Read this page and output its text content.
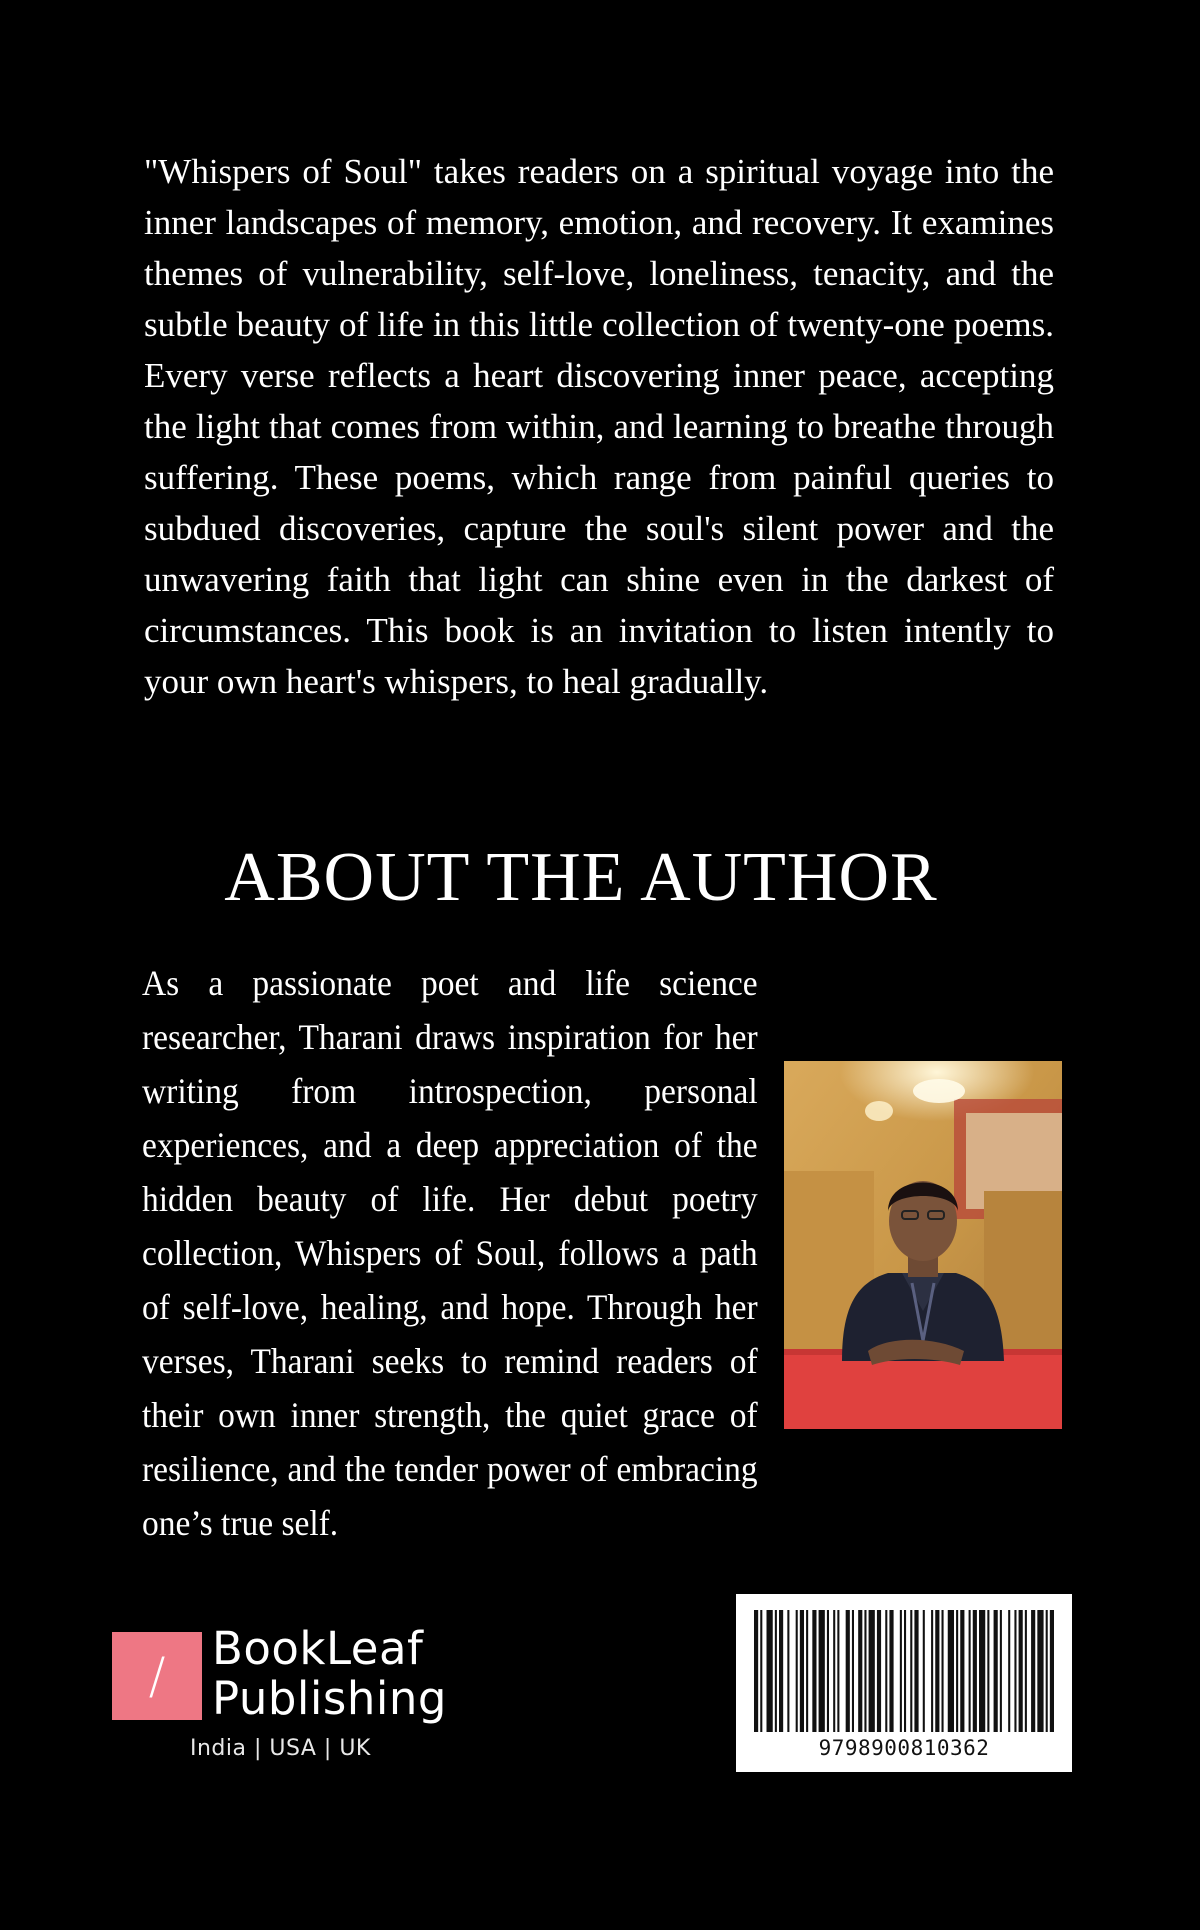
"Whispers of Soul" takes readers on a spiritual voyage into the inner landscapes of memory, emotion, and recovery. It examines themes of vulnerability, self-love, loneliness, tenacity, and the subtle beauty of life in this little collection of twenty-one poems. Every verse reflects a heart discovering inner peace, accepting the light that comes from within, and learning to breathe through suffering. These poems, which range from painful queries to subdued discoveries, capture the soul's silent power and the unwavering faith that light can shine even in the darkest of circumstances. This book is an invitation to listen intently to your own heart's whispers, to heal gradually.

ABOUT THE AUTHOR

As a passionate poet and life science researcher, Tharani draws inspiration for her writing from introspection, personal experiences, and a deep appreciation of the hidden beauty of life. Her debut poetry collection, Whispers of Soul, follows a path of self-love, healing, and hope. Through her verses, Tharani seeks to remind readers of their own inner strength, the quiet grace of resilience, and the tender power of embracing one’s true self.

/	BookLeaf
Publishing
India | USA | UK	9798900810362
